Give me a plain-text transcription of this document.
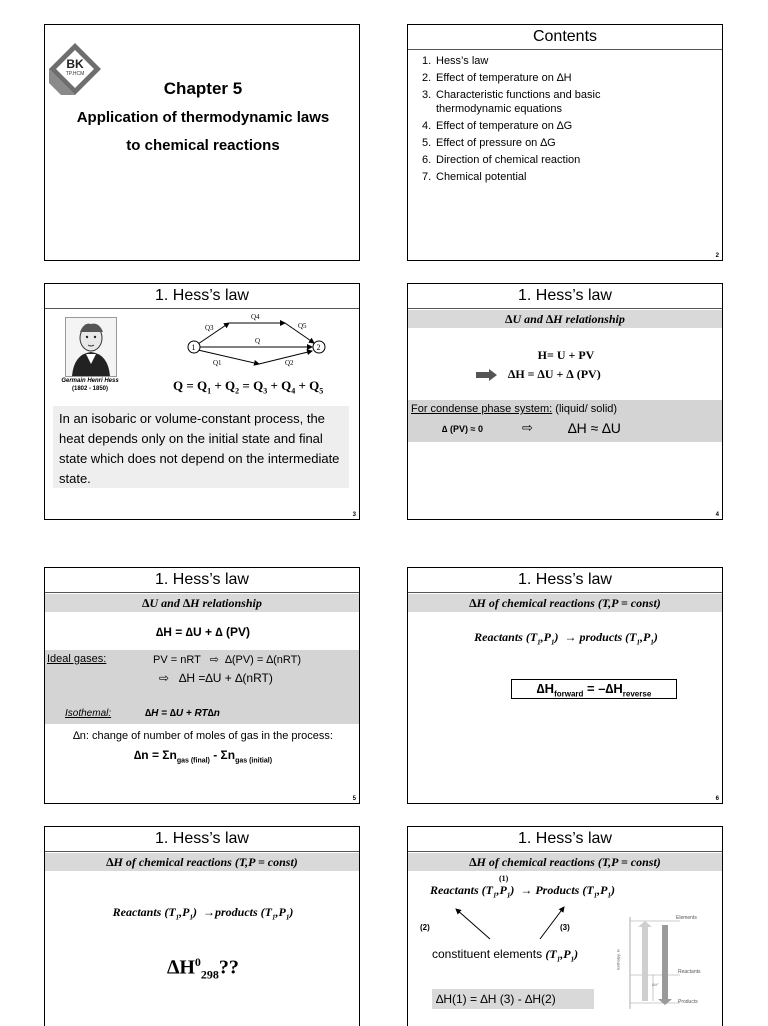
BK
TP.HCM
Chapter 5
Application of thermodynamic laws
to chemical reactions
Contents
1. Hess’s law
2. Effect of temperature on ∆H
3. Characteristic functions and basic
thermodynamic equations
4. Effect of temperature on ∆G
5. Effect of pressure on ∆G
6. Direction of chemical reaction
7. Chemical potential
2
1. Hess’s law
Germain Henri Hess
(1802 - 1850)
1	2
Q3
Q4
Q5
Q
Q1	Q2
$Q = Q_1 + Q_2 = Q_3 + Q_4 + Q_5$
In an isobaric or volume-constant process, the heat depends only on the initial state and final state which does not depend on the intermediate state.
3
1. Hess’s law
∆U and ∆H relationship
H= U + PV
∆H = ∆U + ∆ (PV)
For condense phase system: (liquid/ solid)
∆ (PV) ≈ 0	⇨	∆H ≈ ∆U
4
1. Hess’s law
∆U and ∆H relationship
∆H = ∆U + ∆ (PV)
Ideal gases:	PV = nRT   ⇨  ∆(PV) = ∆(nRT)
⇨   ∆H =∆U + ∆(nRT)
Isothemal:	∆H = ∆U + RT∆n
∆n: change of number of moles of gas in the process:
$\Delta n = \Sigma n_{gas (final)} - \Sigma n_{gas (initial)}$
5
1. Hess’s law
∆H of chemical reactions (T,P = const)
Reactants $(T_1,P_1)$  → products $(T_1,P_1)$
$\Delta H_{forward} = -\Delta H_{reverse}$
6
1. Hess’s law
∆H of chemical reactions (T,P = const)
Reactants $(T_1,P_1)$  →products $(T_1,P_1)$
$\Delta H^0_{298}$??
1. Hess’s law
∆H of chemical reactions (T,P = const)
(1)
Reactants $(T_1,P_1)$  → Products $(T_1,P_1)$
(2)	(3)
constituent elements $(T_1,P_1)$
∆H(1) = ∆H (3) - ∆H(2)
Elements
Reactants
Products
∆H°
Enthalpy, H
